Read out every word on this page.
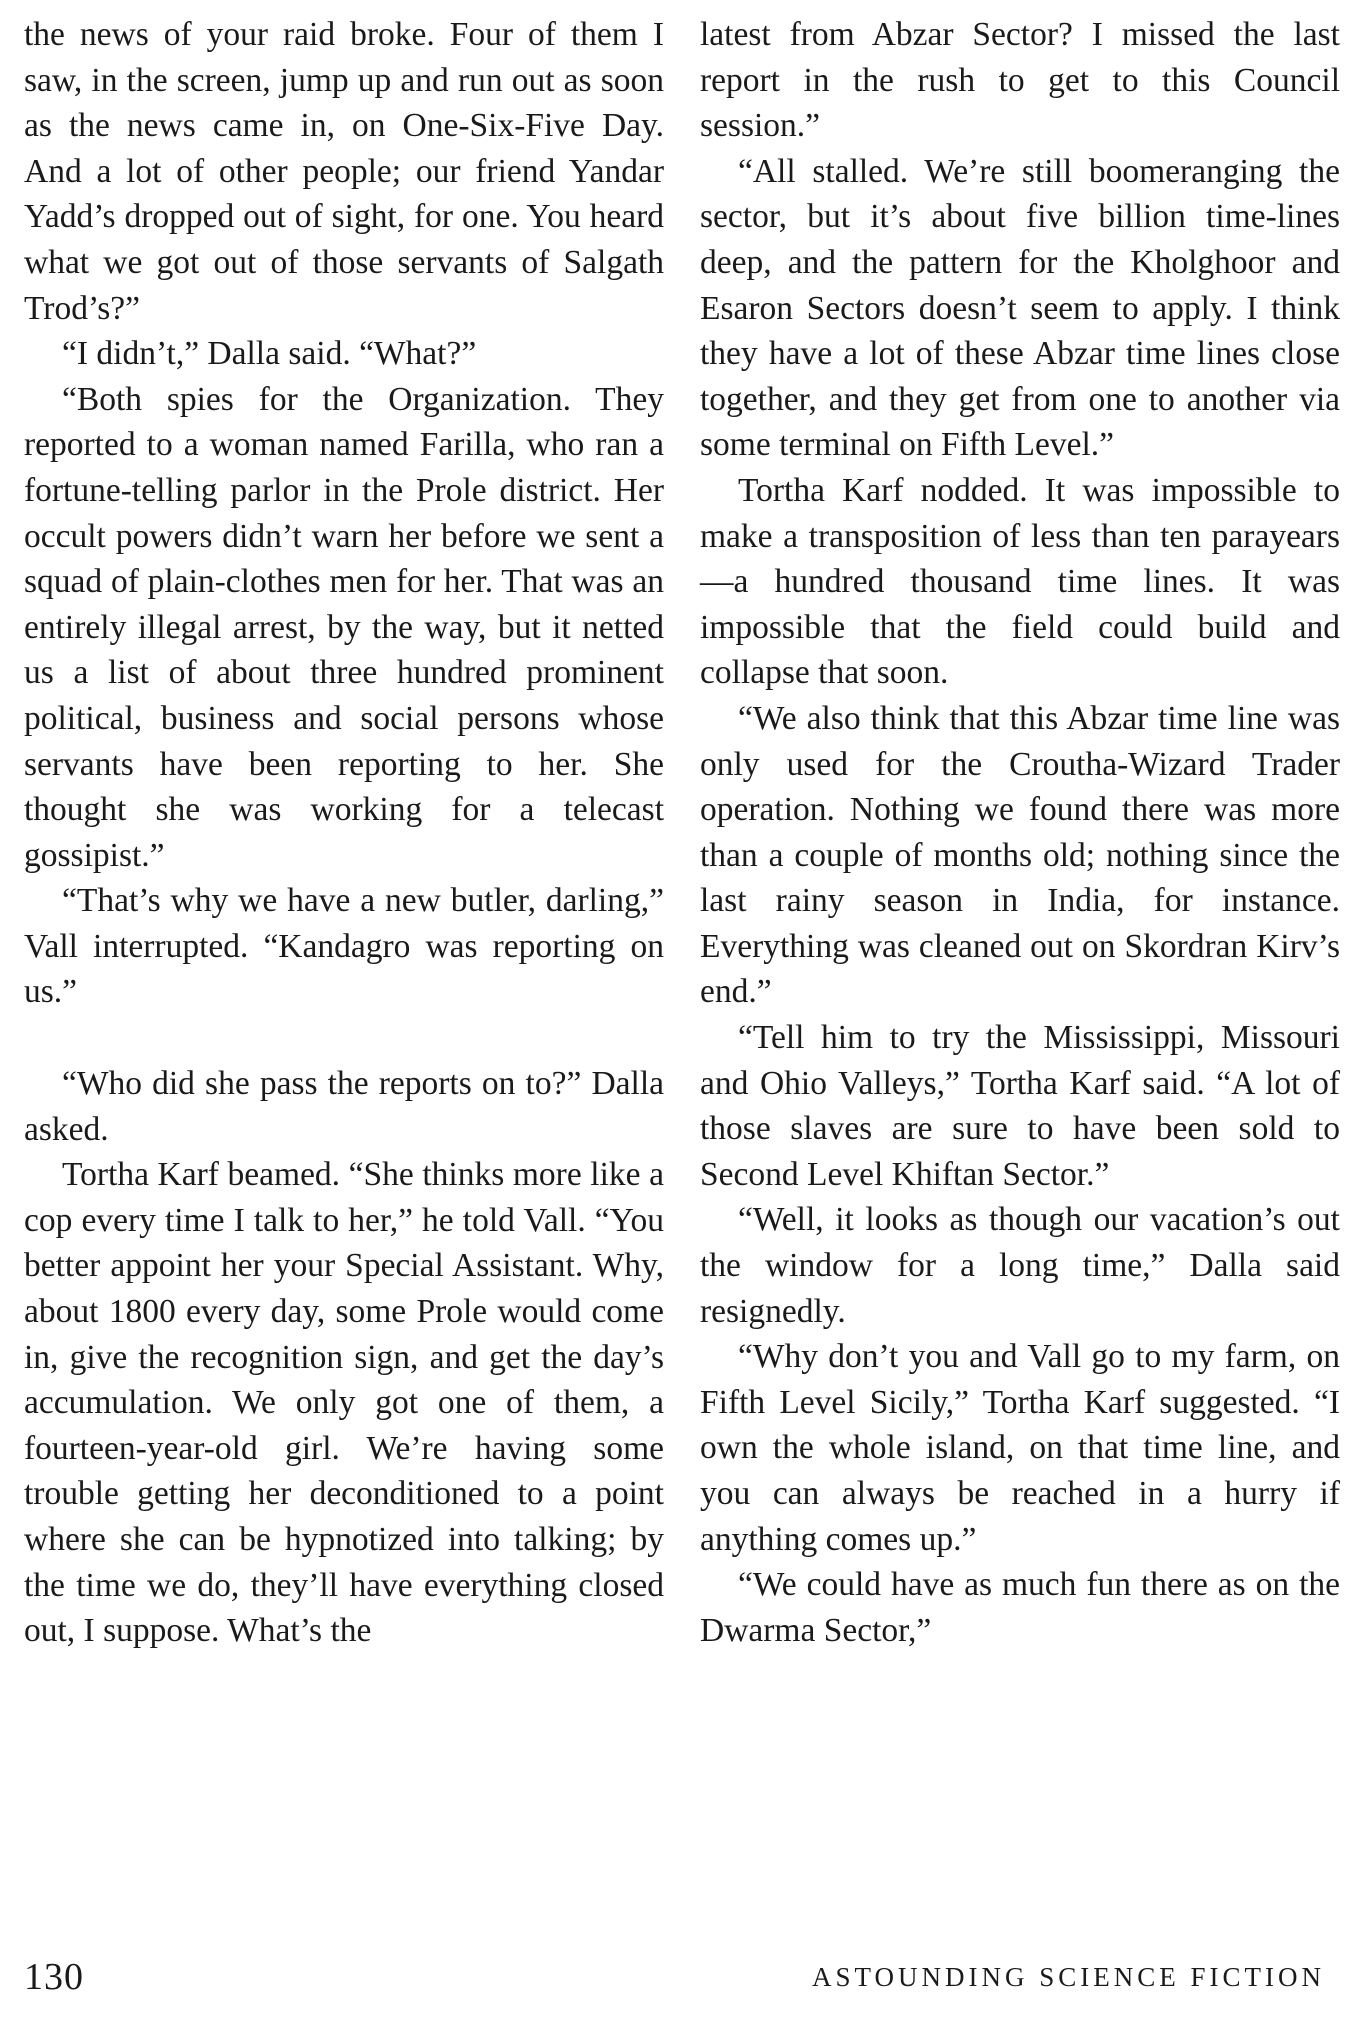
the news of your raid broke. Four of them I saw, in the screen, jump up and run out as soon as the news came in, on One-Six-Five Day. And a lot of other people; our friend Yandar Yadd’s dropped out of sight, for one. You heard what we got out of those servants of Salgath Trod’s?”

“I didn’t,” Dalla said. “What?”

“Both spies for the Organization. They reported to a woman named Farilla, who ran a fortune-telling parlor in the Prole district. Her occult powers didn’t warn her before we sent a squad of plain-clothes men for her. That was an entirely illegal arrest, by the way, but it netted us a list of about three hundred prominent political, business and social persons whose servants have been reporting to her. She thought she was working for a telecast gossipist.”

“That’s why we have a new butler, darling,” Vall interrupted. “Kandagro was reporting on us.”

“Who did she pass the reports on to?” Dalla asked.

Tortha Karf beamed. “She thinks more like a cop every time I talk to her,” he told Vall. “You better appoint her your Special Assistant. Why, about 1800 every day, some Prole would come in, give the recognition sign, and get the day’s accumulation. We only got one of them, a fourteen-year-old girl. We’re having some trouble getting her deconditioned to a point where she can be hypnotized into talking; by the time we do, they’ll have everything closed out, I suppose. What’s the

latest from Abzar Sector? I missed the last report in the rush to get to this Council session.”

“All stalled. We’re still boomeranging the sector, but it’s about five billion time-lines deep, and the pattern for the Kholghoor and Esaron Sectors doesn’t seem to apply. I think they have a lot of these Abzar time lines close together, and they get from one to another via some terminal on Fifth Level.”

Tortha Karf nodded. It was impossible to make a transposition of less than ten parayears—a hundred thousand time lines. It was impossible that the field could build and collapse that soon.

“We also think that this Abzar time line was only used for the Croutha-Wizard Trader operation. Nothing we found there was more than a couple of months old; nothing since the last rainy season in India, for instance. Everything was cleaned out on Skordran Kirv’s end.”

“Tell him to try the Mississippi, Missouri and Ohio Valleys,” Tortha Karf said. “A lot of those slaves are sure to have been sold to Second Level Khiftan Sector.”

“Well, it looks as though our vacation’s out the window for a long time,” Dalla said resignedly.

“Why don’t you and Vall go to my farm, on Fifth Level Sicily,” Tortha Karf suggested. “I own the whole island, on that time line, and you can always be reached in a hurry if anything comes up.”

“We could have as much fun there as on the Dwarma Sector,”

130	ASTOUNDING SCIENCE FICTION
